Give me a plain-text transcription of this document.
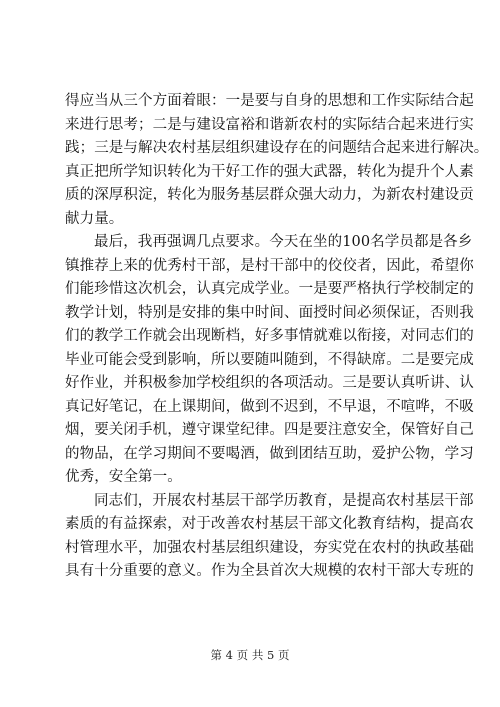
得应当从三个方面着眼：一是要与自身的思想和工作实际结合起
来进行思考；二是与建设富裕和谐新农村的实际结合起来进行实
践；三是与解决农村基层组织建设存在的问题结合起来进行解决。
真正把所学知识转化为干好工作的强大武器，转化为提升个人素
质的深厚积淀，转化为服务基层群众强大动力，为新农村建设贡
献力量。
最后，我再强调几点要求。今天在坐的100名学员都是各乡
镇推荐上来的优秀村干部，是村干部中的佼佼者，因此，希望你
们能珍惜这次机会，认真完成学业。一是要严格执行学校制定的
教学计划，特别是安排的集中时间、面授时间必须保证，否则我
们的教学工作就会出现断档，好多事情就难以衔接，对同志们的
毕业可能会受到影响，所以要随叫随到，不得缺席。二是要完成
好作业，并积极参加学校组织的各项活动。三是要认真听讲、认
真记好笔记，在上课期间，做到不迟到，不早退，不喧哗，不吸
烟，要关闭手机，遵守课堂纪律。四是要注意安全，保管好自己
的物品，在学习期间不要喝酒，做到团结互助，爱护公物，学习
优秀，安全第一。
同志们，开展农村基层干部学历教育，是提高农村基层干部
素质的有益探索，对于改善农村基层干部文化教育结构，提高农
村管理水平，加强农村基层组织建设，夯实党在农村的执政基础
具有十分重要的意义。作为全县首次大规模的农村干部大专班的
第 4 页 共 5 页
